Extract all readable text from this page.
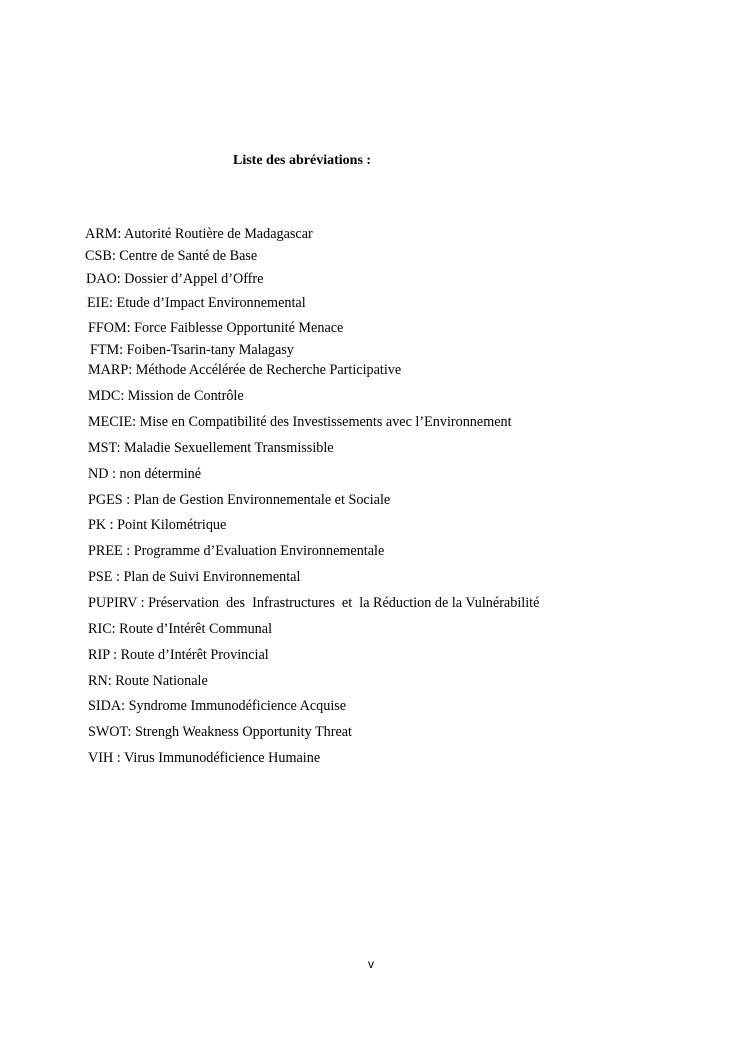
Liste des abréviations :
ARM: Autorité Routière de Madagascar
CSB: Centre de Santé de Base
DAO: Dossier d’Appel d’Offre
EIE: Etude d’Impact Environnemental
FFOM: Force Faiblesse Opportunité Menace
FTM: Foiben-Tsarin-tany Malagasy
MARP: Méthode Accélérée de Recherche Participative
MDC: Mission de Contrôle
MECIE: Mise en Compatibilité des Investissements avec l’Environnement
MST: Maladie Sexuellement Transmissible
ND : non déterminé
PGES : Plan de Gestion Environnementale et Sociale
PK : Point Kilométrique
PREE : Programme d’Evaluation Environnementale
PSE : Plan de Suivi Environnemental
PUPIRV : Préservation  des  Infrastructures  et  la Réduction de la Vulnérabilité
RIC: Route d’Intérêt Communal
RIP : Route d’Intérêt Provincial
RN: Route Nationale
SIDA: Syndrome Immunodéficience Acquise
SWOT: Strengh Weakness Opportunity Threat
VIH : Virus Immunodéficience Humaine
v
